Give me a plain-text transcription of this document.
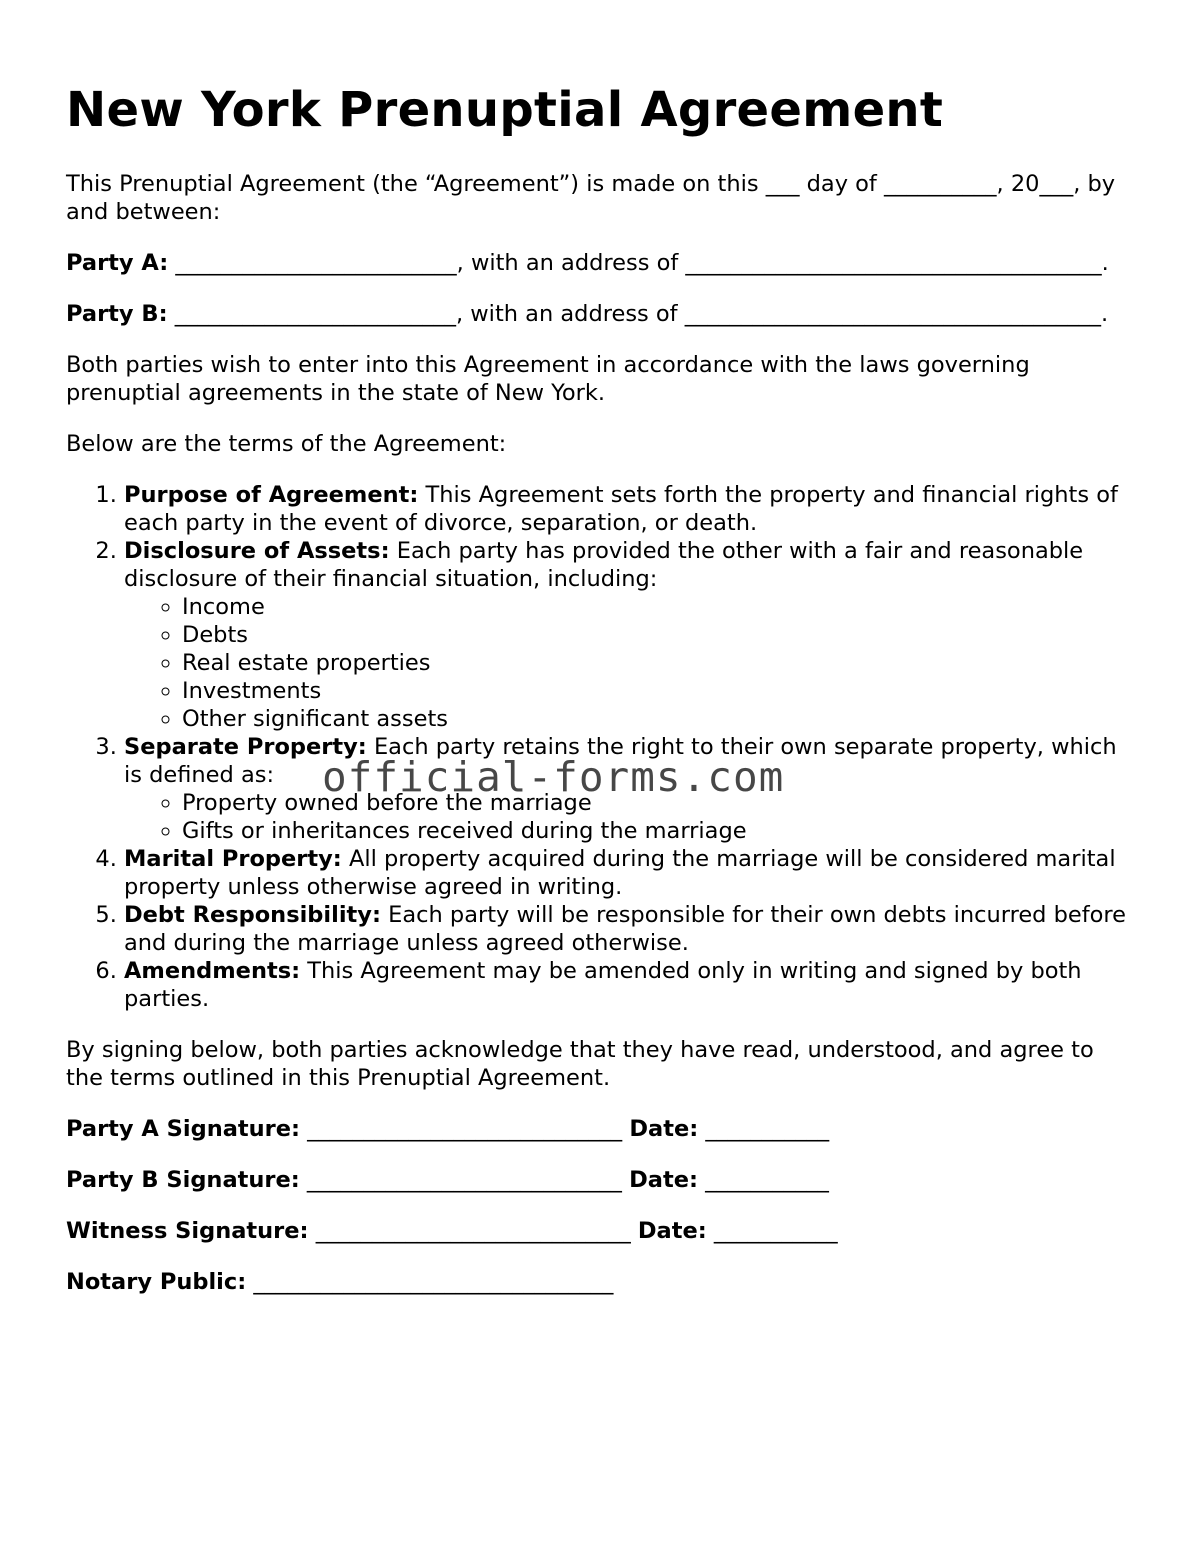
New York Prenuptial Agreement

This Prenuptial Agreement (the “Agreement”) is made on this ___ day of __________, 20___, by and between:

Party A: _________________________, with an address of _____________________________________.

Party B: _________________________, with an address of _____________________________________.

Both parties wish to enter into this Agreement in accordance with the laws governing prenuptial agreements in the state of New York.

Below are the terms of the Agreement:

1. Purpose of Agreement: This Agreement sets forth the property and financial rights of each party in the event of divorce, separation, or death.
2. Disclosure of Assets: Each party has provided the other with a fair and reasonable disclosure of their financial situation, including:
◦ Income
◦ Debts
◦ Real estate properties
◦ Investments
◦ Other significant assets
3. Separate Property: Each party retains the right to their own separate property, which is defined as:
◦ Property owned before the marriage
◦ Gifts or inheritances received during the marriage
4. Marital Property: All property acquired during the marriage will be considered marital property unless otherwise agreed in writing.
5. Debt Responsibility: Each party will be responsible for their own debts incurred before and during the marriage unless agreed otherwise.
6. Amendments: This Agreement may be amended only in writing and signed by both parties.

By signing below, both parties acknowledge that they have read, understood, and agree to the terms outlined in this Prenuptial Agreement.

Party A Signature: ____________________________ Date: ___________

Party B Signature: ____________________________ Date: ___________

Witness Signature: ____________________________ Date: ___________

Notary Public: ________________________________

official-forms.com
